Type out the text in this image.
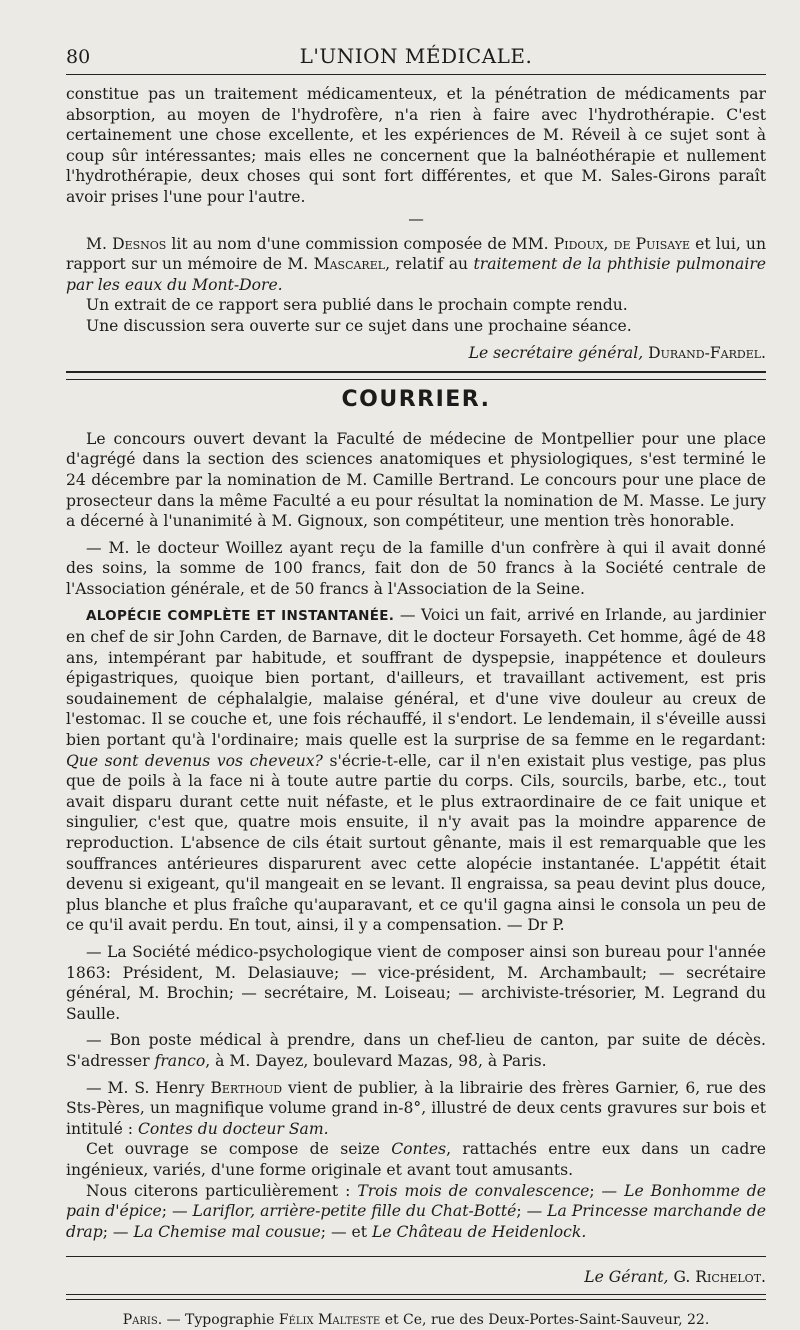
80	L'UNION MÉDICALE.

constitue pas un traitement médicamenteux, et la pénétration de médicaments par absorption, au moyen de l'hydrofère, n'a rien à faire avec l'hydrothérapie. C'est certainement une chose excellente, et les expériences de M. Réveil à ce sujet sont à coup sûr intéressantes; mais elles ne concernent que la balnéothérapie et nullement l'hydrothérapie, deux choses qui sont fort différentes, et que M. Sales-Girons paraît avoir prises l'une pour l'autre.

—

M. Desnos lit au nom d'une commission composée de MM. Pidoux, de Puisaye et lui, un rapport sur un mémoire de M. Mascarel, relatif au traitement de la phthisie pulmonaire par les eaux du Mont-Dore.

Un extrait de ce rapport sera publié dans le prochain compte rendu.

Une discussion sera ouverte sur ce sujet dans une prochaine séance.

Le secrétaire général, Durand-Fardel.

COURRIER.

Le concours ouvert devant la Faculté de médecine de Montpellier pour une place d'agrégé dans la section des sciences anatomiques et physiologiques, s'est terminé le 24 décembre par la nomination de M. Camille Bertrand. Le concours pour une place de prosecteur dans la même Faculté a eu pour résultat la nomination de M. Masse. Le jury a décerné à l'unanimité à M. Gignoux, son compétiteur, une mention très honorable.

— M. le docteur Woillez ayant reçu de la famille d'un confrère à qui il avait donné des soins, la somme de 100 francs, fait don de 50 francs à la Société centrale de l'Association générale, et de 50 francs à l'Association de la Seine.

ALOPÉCIE COMPLÈTE ET INSTANTANÉE. — Voici un fait, arrivé en Irlande, au jardinier en chef de sir John Carden, de Barnave, dit le docteur Forsayeth. Cet homme, âgé de 48 ans, intempérant par habitude, et souffrant de dyspepsie, inappétence et douleurs épigastriques, quoique bien portant, d'ailleurs, et travaillant activement, est pris soudainement de céphalalgie, malaise général, et d'une vive douleur au creux de l'estomac. Il se couche et, une fois réchauffé, il s'endort. Le lendemain, il s'éveille aussi bien portant qu'à l'ordinaire; mais quelle est la surprise de sa femme en le regardant: Que sont devenus vos cheveux? s'écrie-t-elle, car il n'en existait plus vestige, pas plus que de poils à la face ni à toute autre partie du corps. Cils, sourcils, barbe, etc., tout avait disparu durant cette nuit néfaste, et le plus extraordinaire de ce fait unique et singulier, c'est que, quatre mois ensuite, il n'y avait pas la moindre apparence de reproduction. L'absence de cils était surtout gênante, mais il est remarquable que les souffrances antérieures disparurent avec cette alopécie instantanée. L'appétit était devenu si exigeant, qu'il mangeait en se levant. Il engraissa, sa peau devint plus douce, plus blanche et plus fraîche qu'auparavant, et ce qu'il gagna ainsi le consola un peu de ce qu'il avait perdu. En tout, ainsi, il y a compensation. — Dr P.

— La Société médico-psychologique vient de composer ainsi son bureau pour l'année 1863: Président, M. Delasiauve; — vice-président, M. Archambault; — secrétaire général, M. Brochin; — secrétaire, M. Loiseau; — archiviste-trésorier, M. Legrand du Saulle.

— Bon poste médical à prendre, dans un chef-lieu de canton, par suite de décès. S'adresser franco, à M. Dayez, boulevard Mazas, 98, à Paris.

— M. S. Henry Berthoud vient de publier, à la librairie des frères Garnier, 6, rue des Sts-Pères, un magnifique volume grand in-8°, illustré de deux cents gravures sur bois et intitulé : Contes du docteur Sam.

Cet ouvrage se compose de seize Contes, rattachés entre eux dans un cadre ingénieux, variés, d'une forme originale et avant tout amusants.

Nous citerons particulièrement : Trois mois de convalescence; — Le Bonhomme de pain d'épice; — Lariflor, arrière-petite fille du Chat-Botté; — La Princesse marchande de drap; — La Chemise mal cousue; — et Le Château de Heidenlock.

Le Gérant, G. Richelot.

Paris. — Typographie Félix Malteste et Ce, rue des Deux-Portes-Saint-Sauveur, 22.
